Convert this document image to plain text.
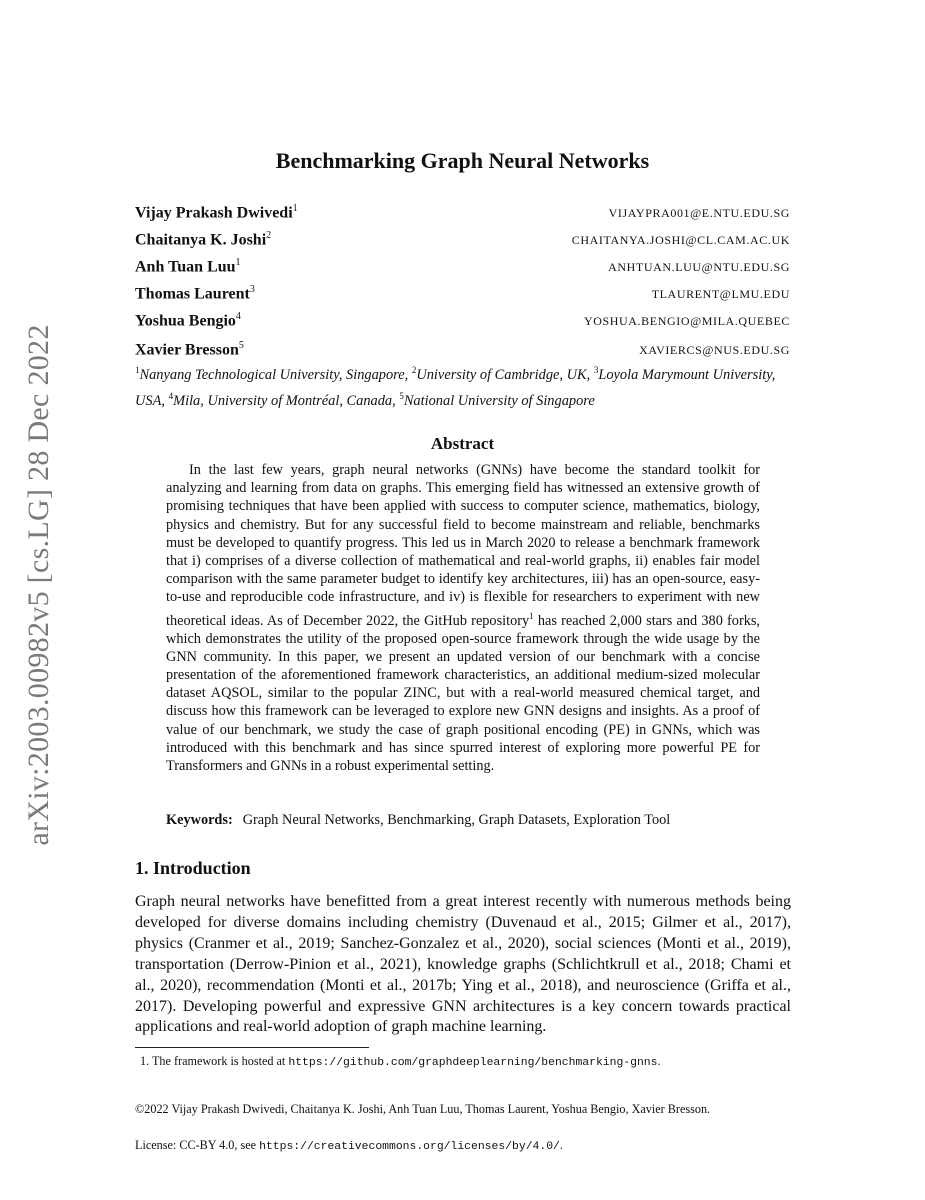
arXiv:2003.00982v5 [cs.LG] 28 Dec 2022
Benchmarking Graph Neural Networks
Vijay Prakash Dwivedi$^1$	VIJAYPRA001@E.NTU.EDU.SG
Chaitanya K. Joshi$^2$	CHAITANYA.JOSHI@CL.CAM.AC.UK
Anh Tuan Luu$^1$	ANHTUAN.LUU@NTU.EDU.SG
Thomas Laurent$^3$	TLAURENT@LMU.EDU
Yoshua Bengio$^4$	YOSHUA.BENGIO@MILA.QUEBEC
Xavier Bresson$^5$	XAVIERCS@NUS.EDU.SG
$^1$Nanyang Technological University, Singapore, $^2$University of Cambridge, UK, $^3$Loyola Marymount University, USA, $^4$Mila, University of Montréal, Canada, $^5$National University of Singapore
Abstract
In the last few years, graph neural networks (GNNs) have become the standard toolkit for analyzing and learning from data on graphs. This emerging field has witnessed an extensive growth of promising techniques that have been applied with success to computer science, mathematics, biology, physics and chemistry. But for any successful field to become mainstream and reliable, benchmarks must be developed to quantify progress. This led us in March 2020 to release a benchmark framework that i) comprises of a diverse collection of mathematical and real-world graphs, ii) enables fair model comparison with the same parameter budget to identify key architectures, iii) has an open-source, easy-to-use and reproducible code infrastructure, and iv) is flexible for researchers to experiment with new theoretical ideas. As of December 2022, the GitHub repository$^1$ has reached 2,000 stars and 380 forks, which demonstrates the utility of the proposed open-source framework through the wide usage by the GNN community. In this paper, we present an updated version of our benchmark with a concise presentation of the aforementioned framework characteristics, an additional medium-sized molecular dataset AQSOL, similar to the popular ZINC, but with a real-world measured chemical target, and discuss how this framework can be leveraged to explore new GNN designs and insights. As a proof of value of our benchmark, we study the case of graph positional encoding (PE) in GNNs, which was introduced with this benchmark and has since spurred interest of exploring more powerful PE for Transformers and GNNs in a robust experimental setting.
Keywords: Graph Neural Networks, Benchmarking, Graph Datasets, Exploration Tool
1. Introduction
Graph neural networks have benefitted from a great interest recently with numerous methods being developed for diverse domains including chemistry (Duvenaud et al., 2015; Gilmer et al., 2017), physics (Cranmer et al., 2019; Sanchez-Gonzalez et al., 2020), social sciences (Monti et al., 2019), transportation (Derrow-Pinion et al., 2021), knowledge graphs (Schlichtkrull et al., 2018; Chami et al., 2020), recommendation (Monti et al., 2017b; Ying et al., 2018), and neuroscience (Griffa et al., 2017). Developing powerful and expressive GNN architectures is a key concern towards practical applications and real-world adoption of graph machine learning.
1. The framework is hosted at https://github.com/graphdeeplearning/benchmarking-gnns.
©2022 Vijay Prakash Dwivedi, Chaitanya K. Joshi, Anh Tuan Luu, Thomas Laurent, Yoshua Bengio, Xavier Bresson.
License: CC-BY 4.0, see https://creativecommons.org/licenses/by/4.0/.
